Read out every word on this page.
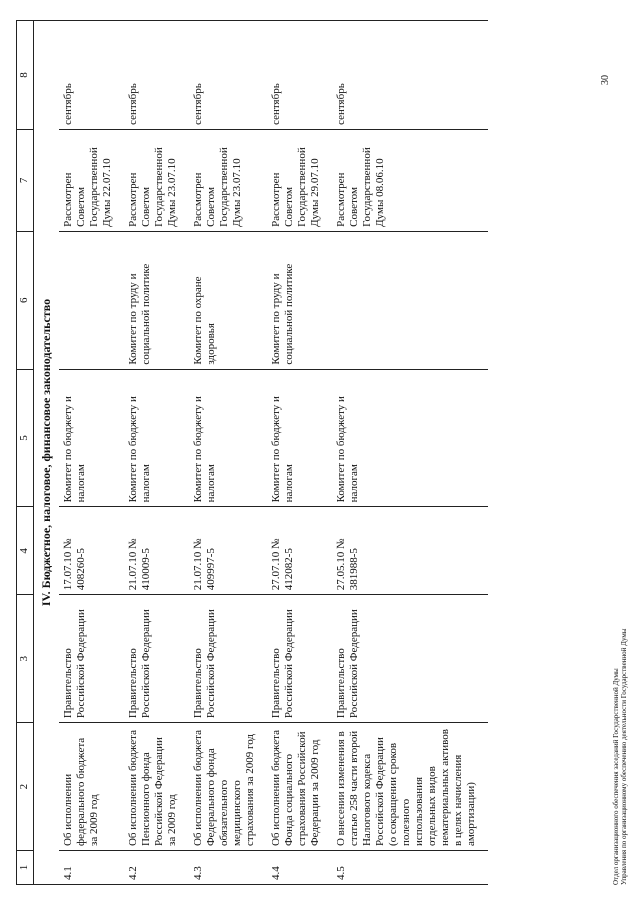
1	2	3	4	5	6	7	8
IV. Бюджетное, налоговое, финансовое законодательство							
4.1	Об исполнении федерального бюджета за 2009 год	Правительство Российской Федерации	17.07.10 № 408260-5	Комитет по бюджету и налогам		Рассмотрен Советом Государственной Думы 22.07.10	сентябрь
4.2	Об исполнении бюджета Пенсионного фонда Российской Федерации за 2009 год	Правительство Российской Федерации	21.07.10 № 410009-5	Комитет по бюджету и налогам	Комитет по труду и социальной политике	Рассмотрен Советом Государственной Думы 23.07.10	сентябрь
4.3	Об исполнении бюджета Федерального фонда обязательного медицинского страхования за 2009 год	Правительство Российской Федерации	21.07.10 № 409997-5	Комитет по бюджету и налогам	Комитет по охране здоровья	Рассмотрен Советом Государственной Думы 23.07.10	сентябрь
4.4	Об исполнении бюджета Фонда социального страхования Российской Федерации за 2009 год	Правительство Российской Федерации	27.07.10 № 412082-5	Комитет по бюджету и налогам	Комитет по труду и социальной политике	Рассмотрен Советом Государственной Думы 29.07.10	сентябрь
4.5	О внесении изменения в статью 258 части второй Налогового кодекса Российской Федерации (о сокращении сроков полезного использования отдельных видов нематериальных активов в целях начисления амортизации)	Правительство Российской Федерации	27.05.10 № 381988-5	Комитет по бюджету и налогам		Рассмотрен Советом Государственной Думы 08.06.10	сентябрь
Отдел организационного обеспечения заседаний Государственной Думы Управления по организационному обеспечению деятельности Государственной Думы
30
